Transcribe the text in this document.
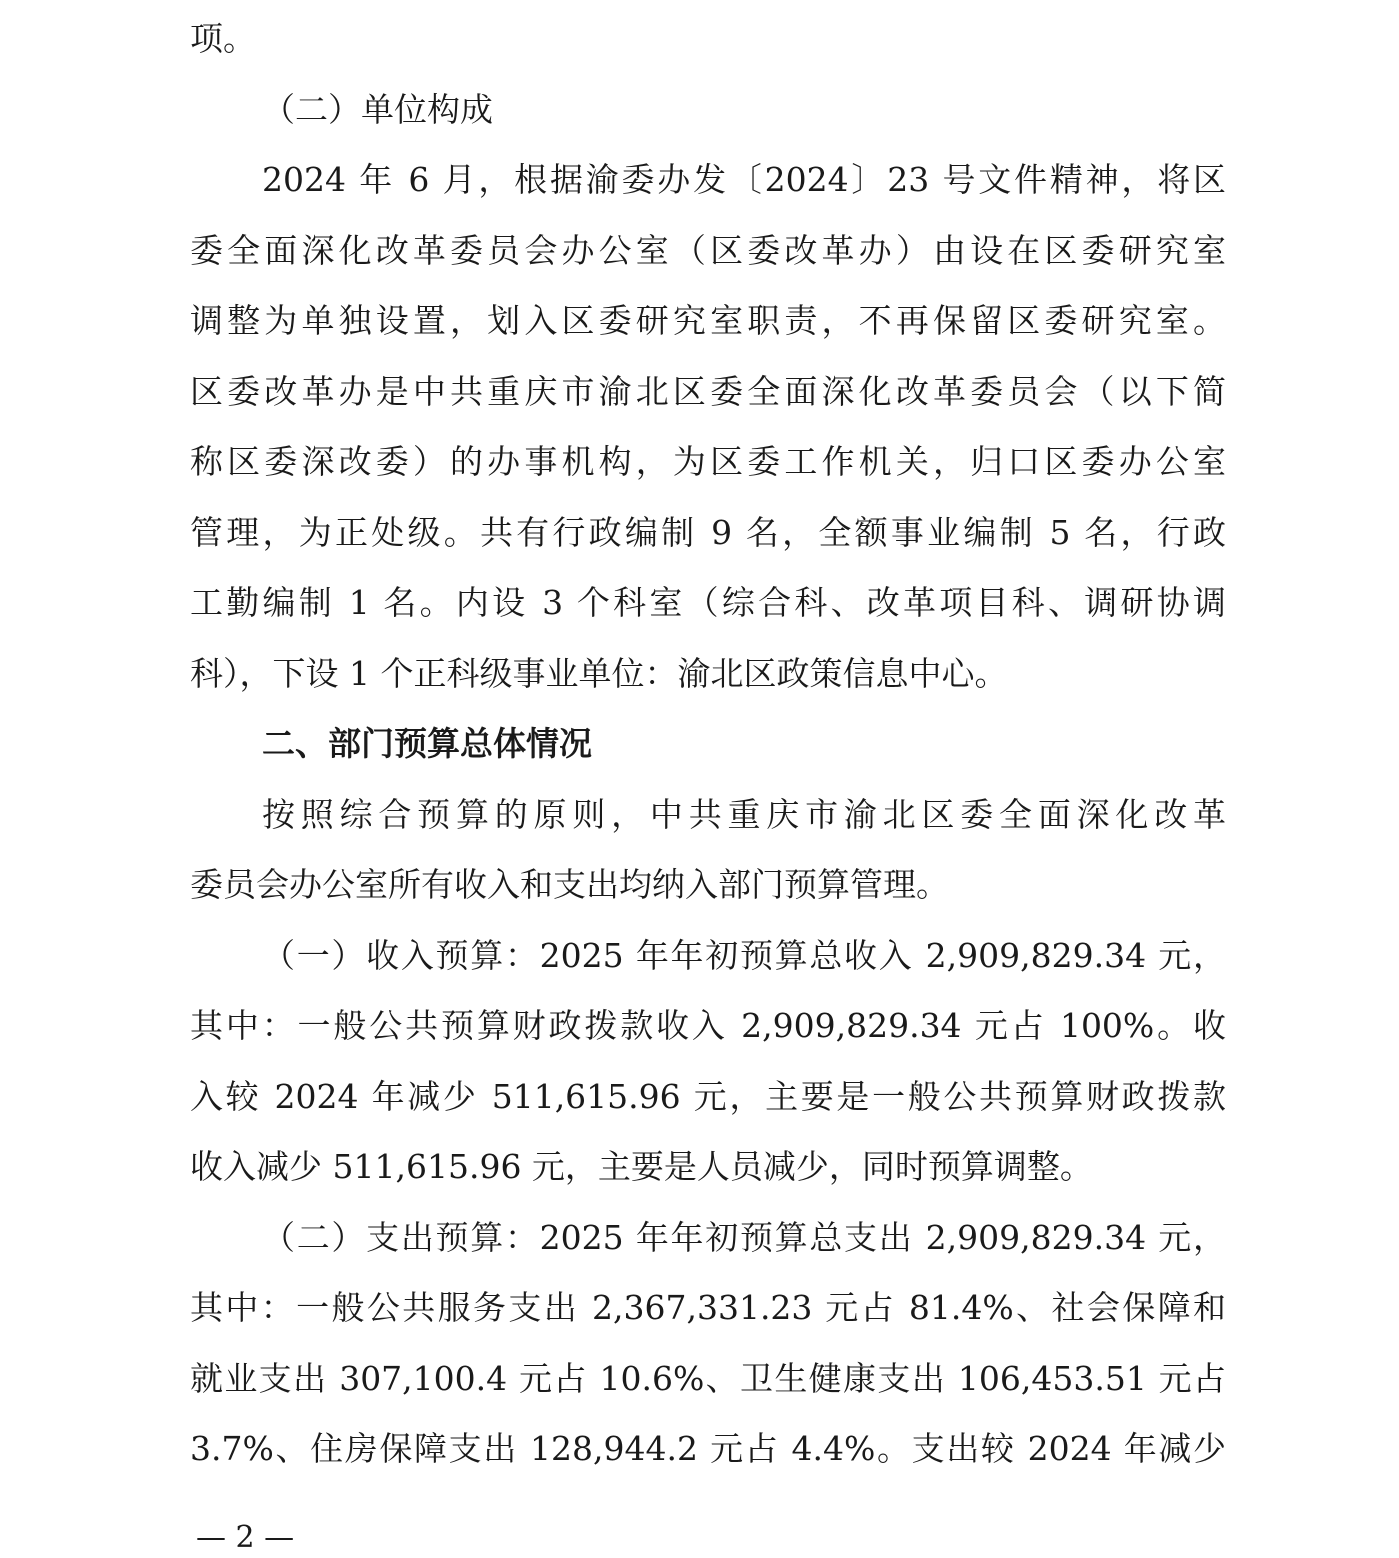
项。
（二）单位构成
2024 年 6 月，根据渝委办发〔2024〕23 号文件精神，将区
委全面深化改革委员会办公室（区委改革办）由设在区委研究室
调整为单独设置，划入区委研究室职责，不再保留区委研究室。
区委改革办是中共重庆市渝北区委全面深化改革委员会（以下简
称区委深改委）的办事机构，为区委工作机关，归口区委办公室
管理，为正处级。共有行政编制 9 名，全额事业编制 5 名，行政
工勤编制 1 名。内设 3 个科室（综合科、改革项目科、调研协调
科），下设 1 个正科级事业单位：渝北区政策信息中心。
二、部门预算总体情况
按照综合预算的原则，中共重庆市渝北区委全面深化改革
委员会办公室所有收入和支出均纳入部门预算管理。
（一）收入预算：2025 年年初预算总收入 2,909,829.34 元，
其中：一般公共预算财政拨款收入 2,909,829.34 元占 100%。收
入较 2024 年减少 511,615.96 元，主要是一般公共预算财政拨款
收入减少 511,615.96 元，主要是人员减少，同时预算调整。
（二）支出预算：2025 年年初预算总支出 2,909,829.34 元，
其中：一般公共服务支出 2,367,331.23 元占 81.4%、社会保障和
就业支出 307,100.4 元占 10.6%、卫生健康支出 106,453.51 元占
3.7%、住房保障支出 128,944.2 元占 4.4%。支出较 2024 年减少
— 2 —
